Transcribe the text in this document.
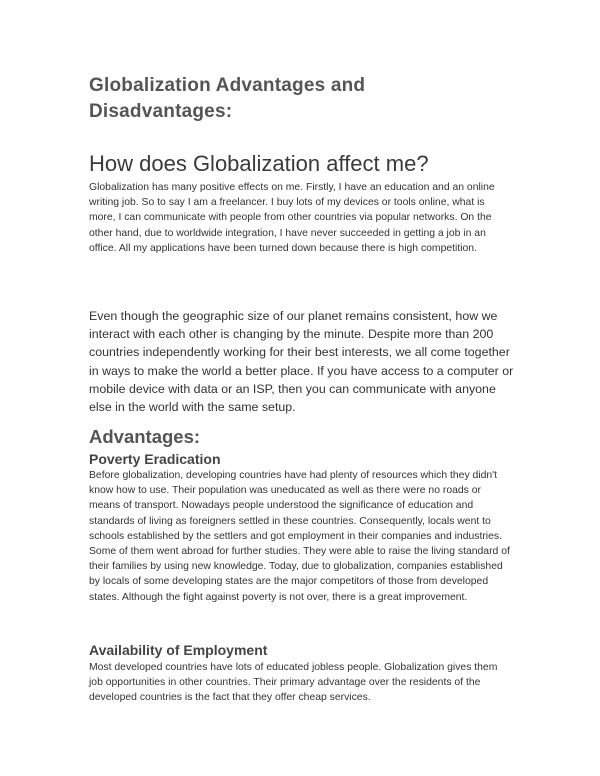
Globalization Advantages and Disadvantages:
How does Globalization affect me?

Globalization has many positive effects on me. Firstly, I have an education and an online writing job. So to say I am a freelancer. I buy lots of my devices or tools online, what is more, I can communicate with people from other countries via popular networks. On the other hand, due to worldwide integration, I have never succeeded in getting a job in an office. All my applications have been turned down because there is high competition.

Even though the geographic size of our planet remains consistent, how we interact with each other is changing by the minute. Despite more than 200 countries independently working for their best interests, we all come together in ways to make the world a better place. If you have access to a computer or mobile device with data or an ISP, then you can communicate with anyone else in the world with the same setup.

Advantages:
Poverty Eradication

Before globalization, developing countries have had plenty of resources which they didn't know how to use. Their population was uneducated as well as there were no roads or means of transport. Nowadays people understood the significance of education and standards of living as foreigners settled in these countries. Consequently, locals went to schools established by the settlers and got employment in their companies and industries. Some of them went abroad for further studies. They were able to raise the living standard of their families by using new knowledge. Today, due to globalization, companies established by locals of some developing states are the major competitors of those from developed states. Although the fight against poverty is not over, there is a great improvement.

Availability of Employment

Most developed countries have lots of educated jobless people. Globalization gives them job opportunities in other countries. Their primary advantage over the residents of the developed countries is the fact that they offer cheap services.
